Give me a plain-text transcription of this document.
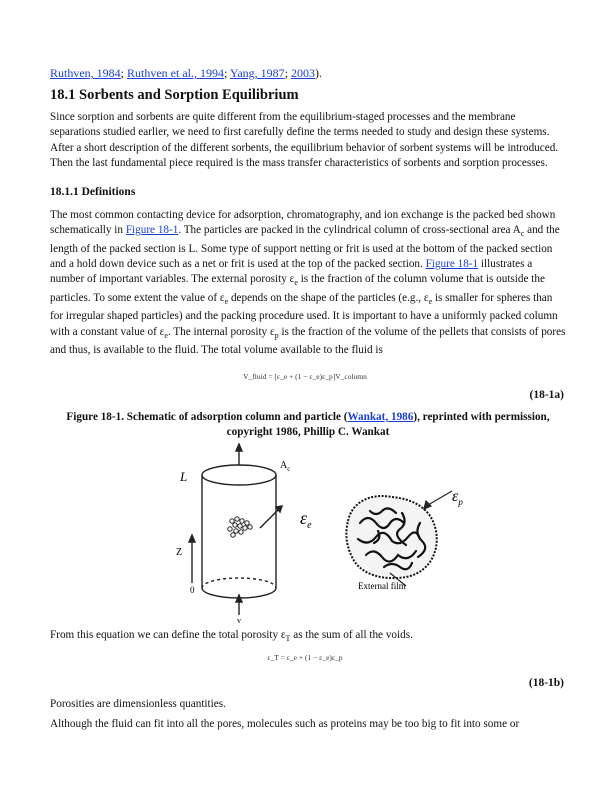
Ruthven, 1984; Ruthven et al., 1994; Yang, 1987; 2003).
18.1 Sorbents and Sorption Equilibrium

Since sorption and sorbents are quite different from the equilibrium-staged processes and the membrane separations studied earlier, we need to first carefully define the terms needed to study and design these systems. After a short description of the different sorbents, the equilibrium behavior of sorbent systems will be introduced. Then the last fundamental piece required is the mass transfer characteristics of sorbents and sorption processes.

18.1.1 Definitions

The most common contacting device for adsorption, chromatography, and ion exchange is the packed bed shown schematically in Figure 18-1. The particles are packed in the cylindrical column of cross-sectional area $A_c$ and the length of the packed section is L. Some type of support netting or frit is used at the bottom of the packed section and a hold down device such as a net or frit is used at the top of the packed section. Figure 18-1 illustrates a number of important variables. The external porosity $\varepsilon_e$ is the fraction of the column volume that is outside the particles. To some extent the value of $\varepsilon_e$ depends on the shape of the particles (e.g., $\varepsilon_e$ is smaller for spheres than for irregular shaped particles) and the packing procedure used. It is important to have a uniformly packed column with a constant value of $\varepsilon_e$. The internal porosity $\varepsilon_p$ is the fraction of the volume of the pellets that consists of pores and thus, is available to the fluid. The total volume available to the fluid is

V_fluid = [ε_e + (1 − ε_e)ε_p]V_column
(18-1a)
Figure 18-1. Schematic of adsorption column and particle (Wankat, 1986), reprinted with permission, copyright 1986, Phillip C. Wankat
L
$A_c$
Z
0
v
$\varepsilon_e$
$\varepsilon_p$
External film

From this equation we can define the total porosity $\varepsilon_T$ as the sum of all the voids.

ε_T = ε_e + (1 − ε_e)ε_p
(18-1b)

Porosities are dimensionless quantities.

Although the fluid can fit into all the pores, molecules such as proteins may be too big to fit into some or
